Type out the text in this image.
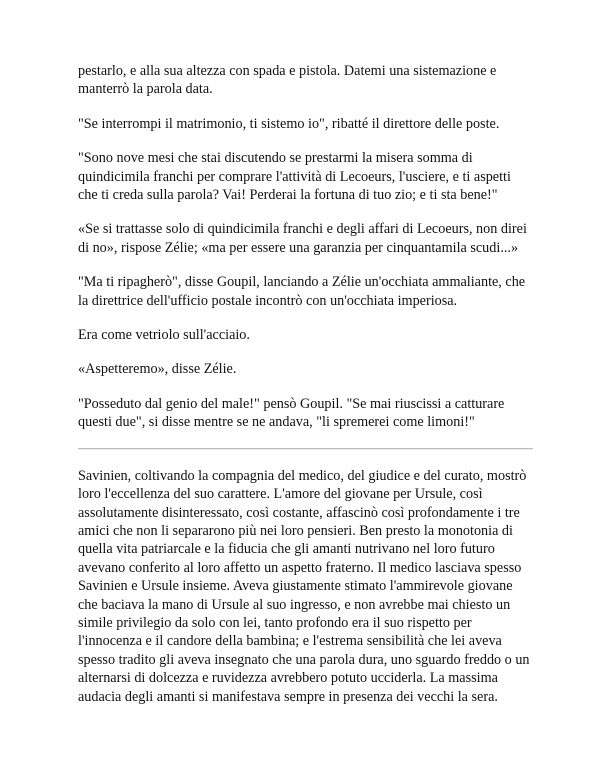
pestarlo, e alla sua altezza con spada e pistola. Datemi una sistemazione e manterrò la parola data.

"Se interrompi il matrimonio, ti sistemo io", ribatté il direttore delle poste.

"Sono nove mesi che stai discutendo se prestarmi la misera somma di quindicimila franchi per comprare l'attività di Lecoeurs, l'usciere, e ti aspetti che ti creda sulla parola? Vai! Perderai la fortuna di tuo zio; e ti sta bene!"

«Se si trattasse solo di quindicimila franchi e degli affari di Lecoeurs, non direi di no», rispose Zélie; «ma per essere una garanzia per cinquantamila scudi...»

"Ma ti ripagherò", disse Goupil, lanciando a Zélie un'occhiata ammaliante, che la direttrice dell'ufficio postale incontrò con un'occhiata imperiosa.

Era come vetriolo sull'acciaio.

«Aspetteremo», disse Zélie.

"Posseduto dal genio del male!" pensò Goupil. "Se mai riuscissi a catturare questi due", si disse mentre se ne andava, "li spremerei come limoni!"

Savinien, coltivando la compagnia del medico, del giudice e del curato, mostrò loro l'eccellenza del suo carattere. L'amore del giovane per Ursule, così assolutamente disinteressato, così costante, affascinò così profondamente i tre amici che non li separarono più nei loro pensieri. Ben presto la monotonia di quella vita patriarcale e la fiducia che gli amanti nutrivano nel loro futuro avevano conferito al loro affetto un aspetto fraterno. Il medico lasciava spesso Savinien e Ursule insieme. Aveva giustamente stimato l'ammirevole giovane che baciava la mano di Ursule al suo ingresso, e non avrebbe mai chiesto un simile privilegio da solo con lei, tanto profondo era il suo rispetto per l'innocenza e il candore della bambina; e l'estrema sensibilità che lei aveva spesso tradito gli aveva insegnato che una parola dura, uno sguardo freddo o un alternarsi di dolcezza e ruvidezza avrebbero potuto ucciderla. La massima audacia degli amanti si manifestava sempre in presenza dei vecchi la sera.
